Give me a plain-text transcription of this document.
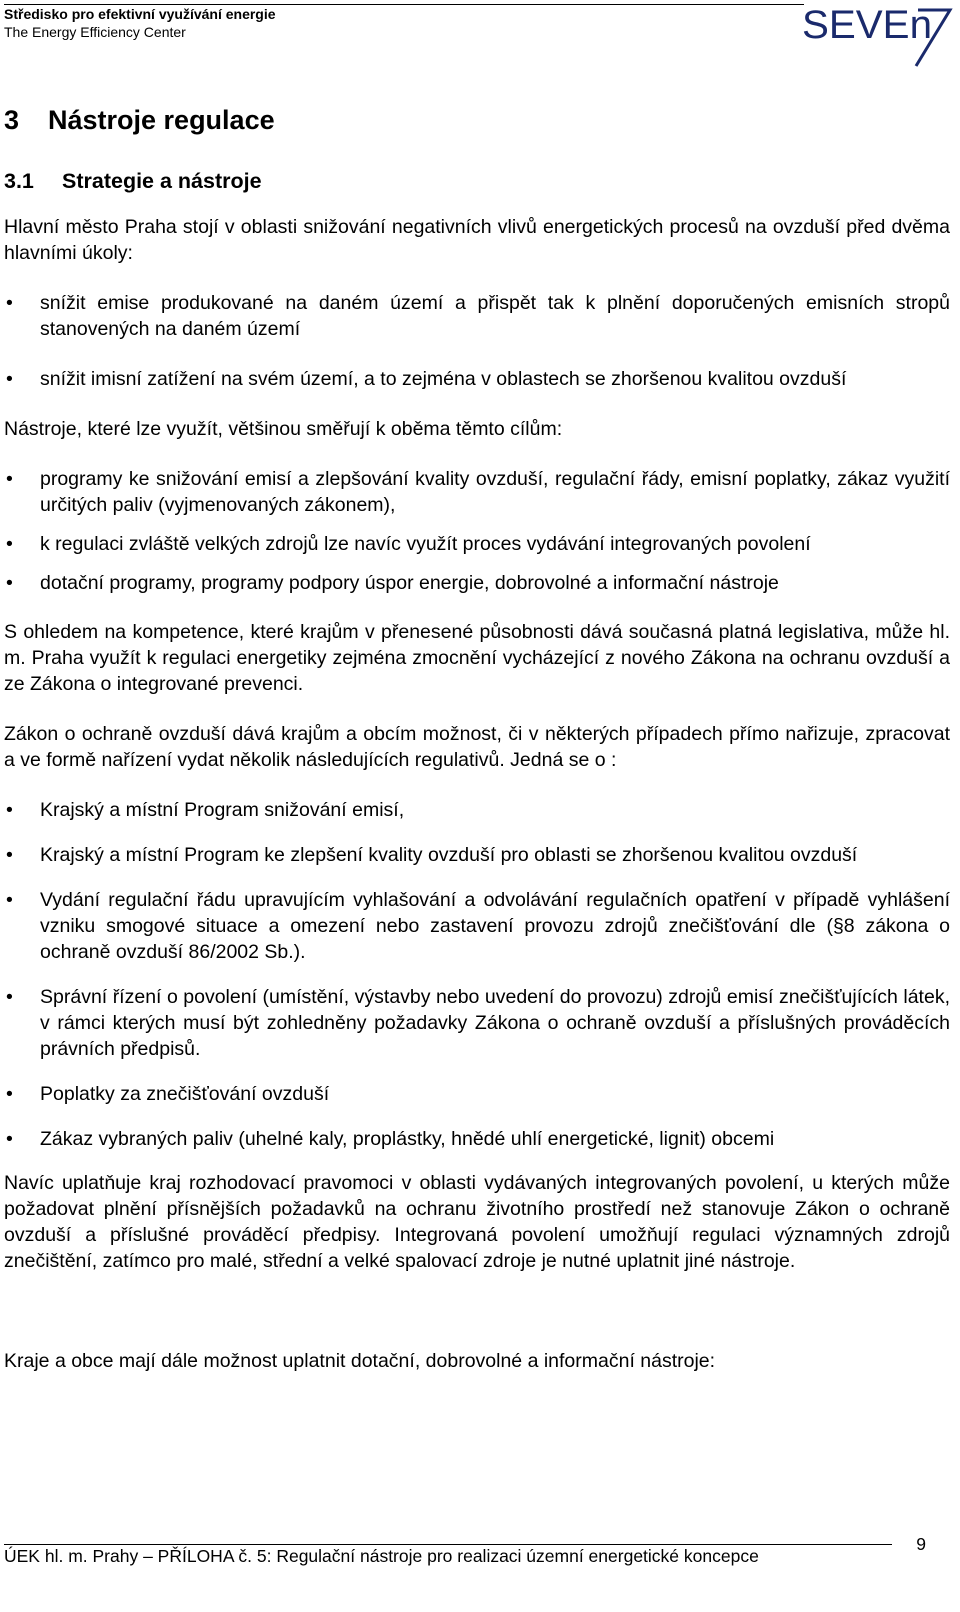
Středisko pro efektivní využívání energie
The Energy Efficiency Center	SEVEn
3	Nástroje regulace
3.1	Strategie a nástroje

Hlavní město Praha stojí v oblasti snižování negativních vlivů energetických procesů na ovzduší před dvěma hlavními úkoly:

• snížit emise produkované na daném území a přispět tak k plnění doporučených emisních stropů stanovených na daném území
• snížit imisní zatížení na svém území, a to zejména v oblastech se zhoršenou kvalitou ovzduší

Nástroje, které lze využít, většinou směřují k oběma těmto cílům:

• programy ke snižování emisí a zlepšování kvality ovzduší, regulační řády, emisní poplatky, zákaz využití určitých paliv (vyjmenovaných zákonem),
• k regulaci zvláště velkých zdrojů lze navíc využít proces vydávání integrovaných povolení
• dotační programy, programy podpory úspor energie, dobrovolné a informační nástroje

S ohledem na kompetence, které krajům v přenesené působnosti dává současná platná legislativa, může hl. m. Praha využít k regulaci energetiky zejména zmocnění vycházející z nového Zákona na ochranu ovzduší a ze Zákona o integrované prevenci.

Zákon o ochraně ovzduší dává krajům a obcím možnost, či v některých případech přímo nařizuje, zpracovat a ve formě nařízení vydat několik následujících regulativů. Jedná se o :

• Krajský a místní Program snižování emisí,
• Krajský a místní Program ke zlepšení kvality ovzduší pro oblasti se zhoršenou kvalitou ovzduší
• Vydání regulační řádu upravujícím vyhlašování a odvolávání regulačních opatření v případě vyhlášení vzniku smogové situace a omezení nebo zastavení provozu zdrojů znečišťování dle (§8 zákona o ochraně ovzduší 86/2002 Sb.).
• Správní řízení o povolení (umístění, výstavby nebo uvedení do provozu) zdrojů emisí znečišťujících látek, v rámci kterých musí být zohledněny požadavky Zákona o ochraně ovzduší a příslušných prováděcích právních předpisů.
• Poplatky za znečišťování ovzduší
• Zákaz vybraných paliv (uhelné kaly, proplástky, hnědé uhlí energetické, lignit) obcemi

Navíc uplatňuje kraj rozhodovací pravomoci v oblasti vydávaných integrovaných povolení, u kterých může požadovat plnění přísnějších požadavků na ochranu životního prostředí než stanovuje Zákon o ochraně ovzduší a příslušné prováděcí předpisy. Integrovaná povolení umožňují regulaci významných zdrojů znečištění, zatímco pro malé, střední a velké spalovací zdroje je nutné uplatnit jiné nástroje.

Kraje a obce mají dále možnost uplatnit dotační, dobrovolné a informační nástroje:

ÚEK hl. m. Prahy – PŘÍLOHA č. 5: Regulační nástroje pro realizaci územní energetické koncepce
9
